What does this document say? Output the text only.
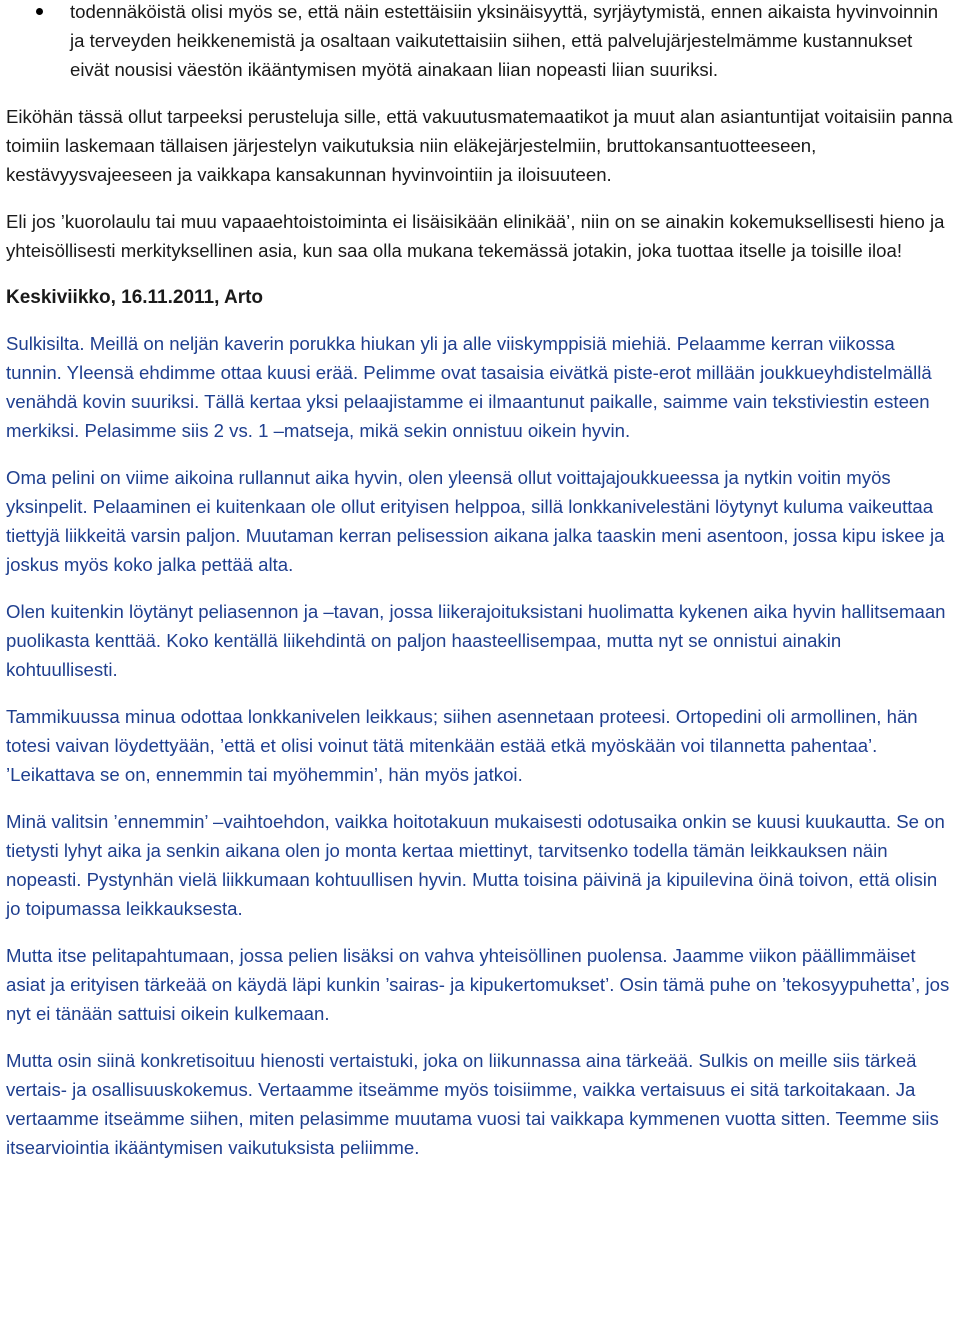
todennäköistä olisi myös se, että näin estettäisiin yksinäisyyttä, syrjäytymistä, ennen aikaista hyvinvoinnin ja terveyden heikkenemistä ja osaltaan vaikutettaisiin siihen, että palvelujärjestelmämme kustannukset eivät nousisi väestön ikääntymisen myötä ainakaan liian nopeasti liian suuriksi.

Eiköhän tässä ollut tarpeeksi perusteluja sille, että vakuutusmatemaatikot ja muut alan asiantuntijat voitaisiin panna toimiin laskemaan tällaisen järjestelyn vaikutuksia niin eläkejärjestelmiin, bruttokansantuotteeseen, kestävyysvajeeseen ja vaikkapa kansakunnan hyvinvointiin ja iloisuuteen.

Eli jos ’kuorolaulu tai muu vapaaehtoistoiminta ei lisäisikään elinikää’, niin on se ainakin kokemuksellisesti hieno ja yhteisöllisesti merkityksellinen asia, kun saa olla mukana tekemässä jotakin, joka tuottaa itselle ja toisille iloa!

Keskiviikko, 16.11.2011, Arto

Sulkisilta. Meillä on neljän kaverin porukka hiukan yli ja alle viiskymppisiä miehiä. Pelaamme kerran viikossa tunnin. Yleensä ehdimme ottaa kuusi erää. Pelimme ovat tasaisia eivätkä piste-erot millään joukkueyhdistelmällä venähdä kovin suuriksi. Tällä kertaa yksi pelaajistamme ei ilmaantunut paikalle, saimme vain tekstiviestin esteen merkiksi. Pelasimme siis 2 vs. 1 –matseja, mikä sekin onnistuu oikein hyvin.

Oma pelini on viime aikoina rullannut aika hyvin, olen yleensä ollut voittajajoukkueessa ja nytkin voitin myös yksinpelit. Pelaaminen ei kuitenkaan ole ollut erityisen helppoa, sillä lonkkanivelestäni löytynyt kuluma vaikeuttaa tiettyjä liikkeitä varsin paljon. Muutaman kerran pelisession aikana jalka taaskin meni asentoon, jossa kipu iskee ja joskus myös koko jalka pettää alta.

Olen kuitenkin löytänyt peliasennon ja –tavan, jossa liikerajoituksistani huolimatta kykenen aika hyvin hallitsemaan puolikasta kenttää. Koko kentällä liikehdintä on paljon haasteellisempaa, mutta nyt se onnistui ainakin kohtuullisesti.

Tammikuussa minua odottaa lonkkanivelen leikkaus; siihen asennetaan proteesi. Ortopedini oli armollinen, hän totesi vaivan löydettyään, ’että et olisi voinut tätä mitenkään estää etkä myöskään voi tilannetta pahentaa’. ’Leikattava se on, ennemmin tai myöhemmin’, hän myös jatkoi.

Minä valitsin ’ennemmin’ –vaihtoehdon, vaikka hoitotakuun mukaisesti odotusaika onkin se kuusi kuukautta. Se on tietysti lyhyt aika ja senkin aikana olen jo monta kertaa miettinyt, tarvitsenko todella tämän leikkauksen näin nopeasti. Pystynhän vielä liikkumaan kohtuullisen hyvin. Mutta toisina päivinä ja kipuilevina öinä toivon, että olisin jo toipumassa leikkauksesta.

Mutta itse pelitapahtumaan, jossa pelien lisäksi on vahva yhteisöllinen puolensa. Jaamme viikon päällimmäiset asiat ja erityisen tärkeää on käydä läpi kunkin ’sairas- ja kipukertomukset’. Osin tämä puhe on ’tekosyypuhetta’, jos nyt ei tänään sattuisi oikein kulkemaan.

Mutta osin siinä konkretisoituu hienosti vertaistuki, joka on liikunnassa aina tärkeää. Sulkis on meille siis tärkeä vertais- ja osallisuuskokemus. Vertaamme itseämme myös toisiimme, vaikka vertaisuus ei sitä tarkoitakaan. Ja vertaamme itseämme siihen, miten pelasimme muutama vuosi tai vaikkapa kymmenen vuotta sitten. Teemme siis itsearviointia ikääntymisen vaikutuksista peliimme.
